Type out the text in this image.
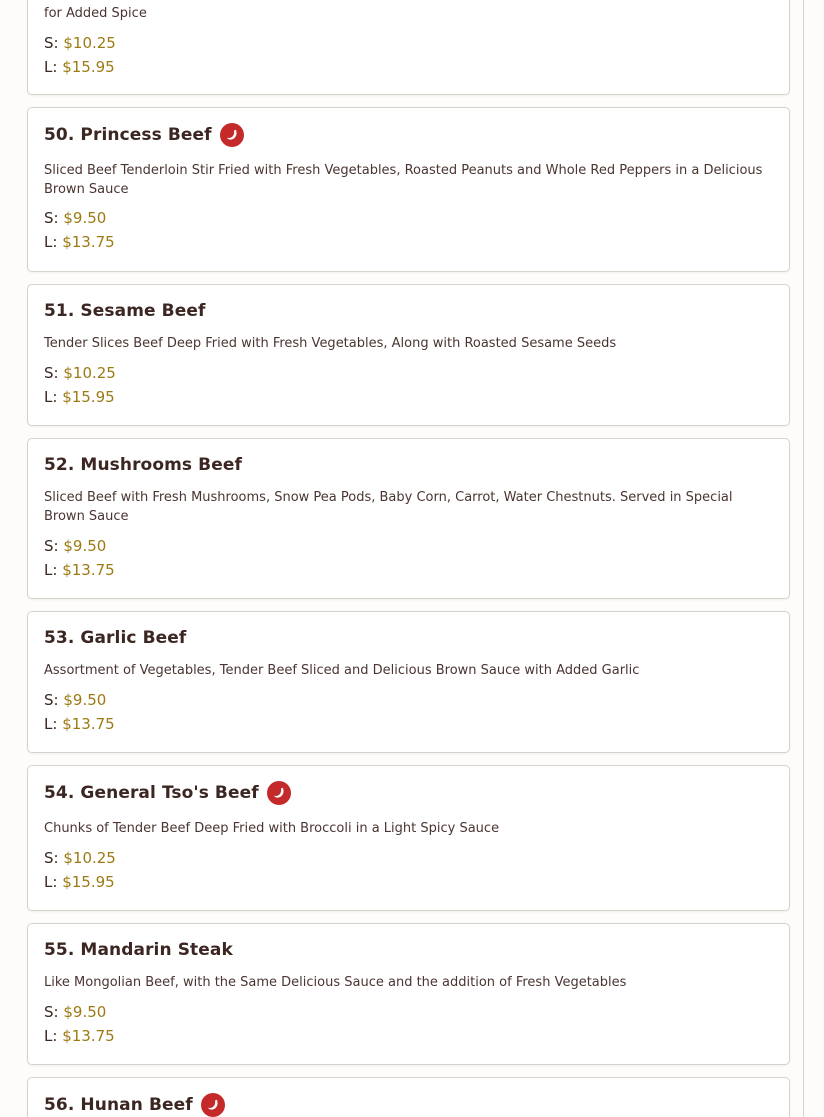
for Added Spice
S: $10.25
L: $15.95
50. Princess Beef
Sliced Beef Tenderloin Stir Fried with Fresh Vegetables, Roasted Peanuts and Whole Red Peppers in a Delicious Brown Sauce
S: $9.50
L: $13.75
51. Sesame Beef
Tender Slices Beef Deep Fried with Fresh Vegetables, Along with Roasted Sesame Seeds
S: $10.25
L: $15.95
52. Mushrooms Beef
Sliced Beef with Fresh Mushrooms, Snow Pea Pods, Baby Corn, Carrot, Water Chestnuts. Served in Special Brown Sauce
S: $9.50
L: $13.75
53. Garlic Beef
Assortment of Vegetables, Tender Beef Sliced and Delicious Brown Sauce with Added Garlic
S: $9.50
L: $13.75
54. General Tso's Beef
Chunks of Tender Beef Deep Fried with Broccoli in a Light Spicy Sauce
S: $10.25
L: $15.95
55. Mandarin Steak
Like Mongolian Beef, with the Same Delicious Sauce and the addition of Fresh Vegetables
S: $9.50
L: $13.75
56. Hunan Beef
